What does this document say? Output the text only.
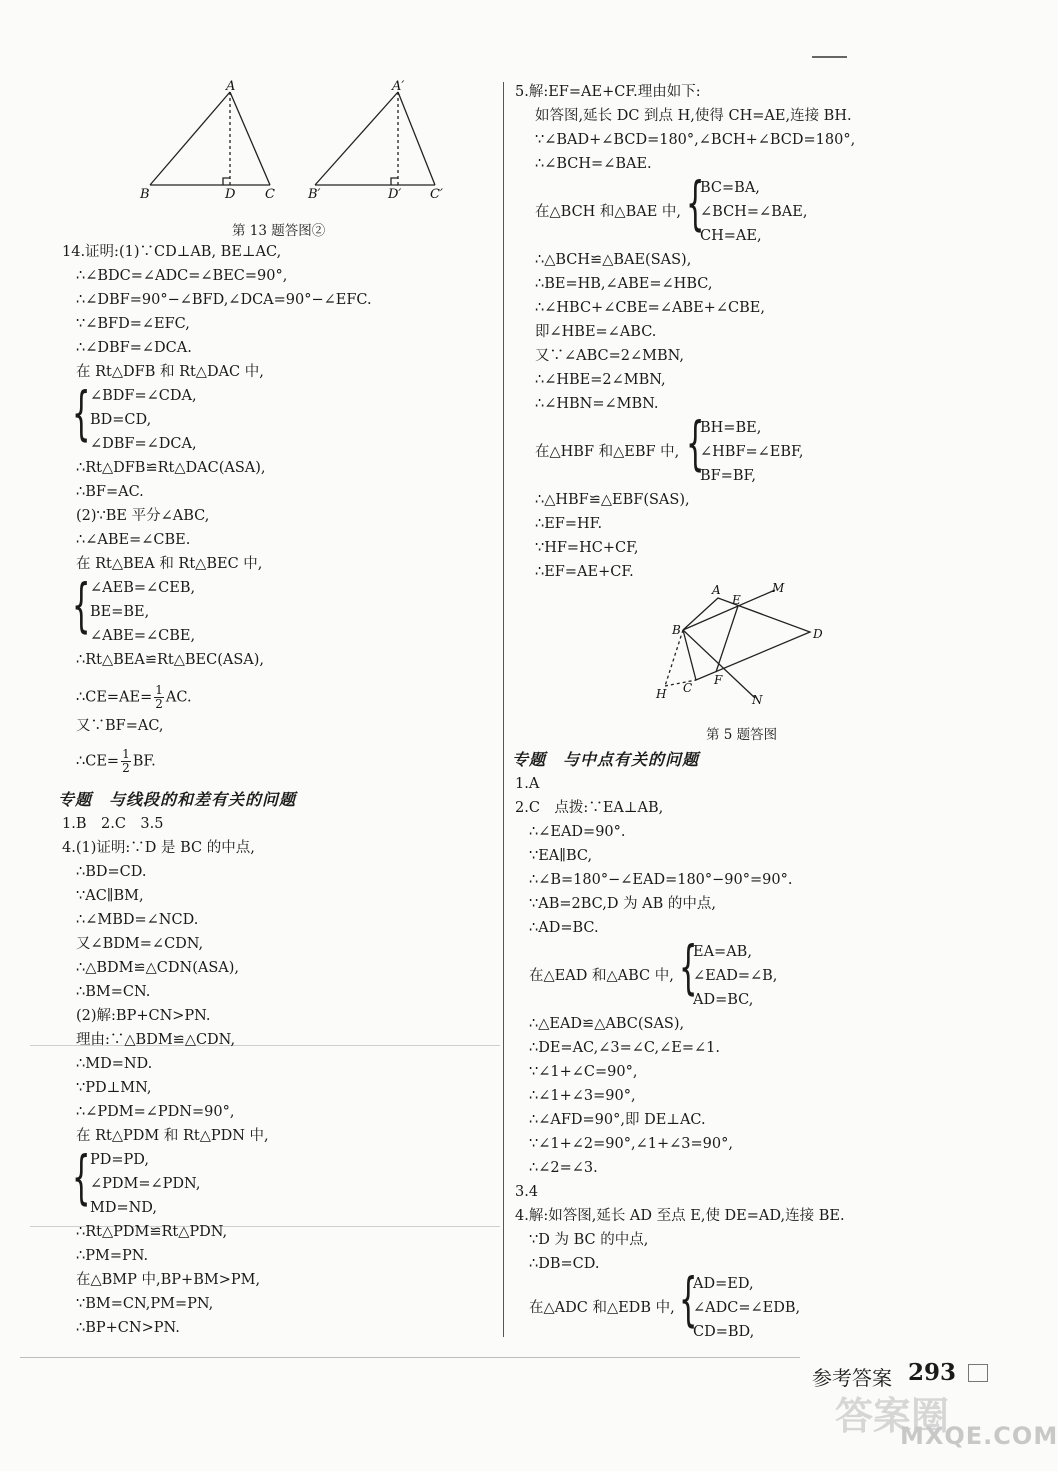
A
B	D C
A′
B′	D′ C′
第 13 题答图②
14.证明:(1)∵CD⊥AB, BE⊥AC,
∴∠BDC=∠ADC=∠BEC=90°,
∴∠DBF=90°−∠BFD,∠DCA=90°−∠EFC.
∵∠BFD=∠EFC,
∴∠DBF=∠DCA.
在 Rt△DFB 和 Rt△DAC 中,
{ ∠BDF=∠CDA,
BD=CD,
∠DBF=∠DCA,
∴Rt△DFB≌Rt△DAC(ASA),
∴BF=AC.
(2)∵BE 平分∠ABC,
∴∠ABE=∠CBE.
在 Rt△BEA 和 Rt△BEC 中,
{ ∠AEB=∠CEB,
BE=BE,
∠ABE=∠CBE,
∴Rt△BEA≌Rt△BEC(ASA),
∴CE=AE= $\frac{1}{2}$ AC.
又∵BF=AC,
∴CE= $\frac{1}{2}$ BF.
专题　与线段的和差有关的问题
1.B　2.C　3.5
4.(1)证明:∵D 是 BC 的中点,
∴BD=CD.
∵AC∥BM,
∴∠MBD=∠NCD.
又∠BDM=∠CDN,
∴△BDM≌△CDN(ASA),
∴BM=CN.
(2)解:BP+CN>PN.
理由:∵△BDM≌△CDN,
∴MD=ND.
∵PD⊥MN,
∴∠PDM=∠PDN=90°,
在 Rt△PDM 和 Rt△PDN 中,
{ PD=PD,
∠PDM=∠PDN,
MD=ND,
∴Rt△PDM≌Rt△PDN,
∴PM=PN.
在△BMP 中,BP+BM>PM,
∵BM=CN,PM=PN,
∴BP+CN>PN.
5.解:EF=AE+CF.理由如下:
如答图,延长 DC 到点 H,使得 CH=AE,连接 BH.
∵∠BAD+∠BCD=180°,∠BCH+∠BCD=180°,
∴∠BCH=∠BAE.
BC=BA,
在△BCH 和△BAE 中, {
∠BCH=∠BAE,
CH=AE,
∴△BCH≌△BAE(SAS),
∴BE=HB,∠ABE=∠HBC,
∴∠HBC+∠CBE=∠ABE+∠CBE,
即∠HBE=∠ABC.
又∵∠ABC=2∠MBN,
∴∠HBE=2∠MBN,
∴∠HBN=∠MBN.
BH=BE,
在△HBF 和△EBF 中, {
∠HBF=∠EBF,
BF=BF,
∴△HBF≌△EBF(SAS),
∴EF=HF.
∵HF=HC+CF,
∴EF=AE+CF.
A
E
M
B	D
C
F
H	N
第 5 题答图
专题　与中点有关的问题
1.A
2.C　点拨:∵EA⊥AB,
∴∠EAD=90°.
∵EA∥BC,
∴∠B=180°−∠EAD=180°−90°=90°.
∵AB=2BC,D 为 AB 的中点,
∴AD=BC.
EA=AB,
在△EAD 和△ABC 中, {
∠EAD=∠B,
AD=BC,
∴△EAD≌△ABC(SAS),
∴DE=AC,∠3=∠C,∠E=∠1.
∵∠1+∠C=90°,
∴∠1+∠3=90°,
∴∠AFD=90°,即 DE⊥AC.
∵∠1+∠2=90°,∠1+∠3=90°,
∴∠2=∠3.
3.4
4.解:如答图,延长 AD 至点 E,使 DE=AD,连接 BE.
∵D 为 BC 的中点,
∴DB=CD.
AD=ED,
在△ADC 和△EDB 中, {
∠ADC=∠EDB,
CD=BD,
答案圈
参考答案 293
MXQE.COM
